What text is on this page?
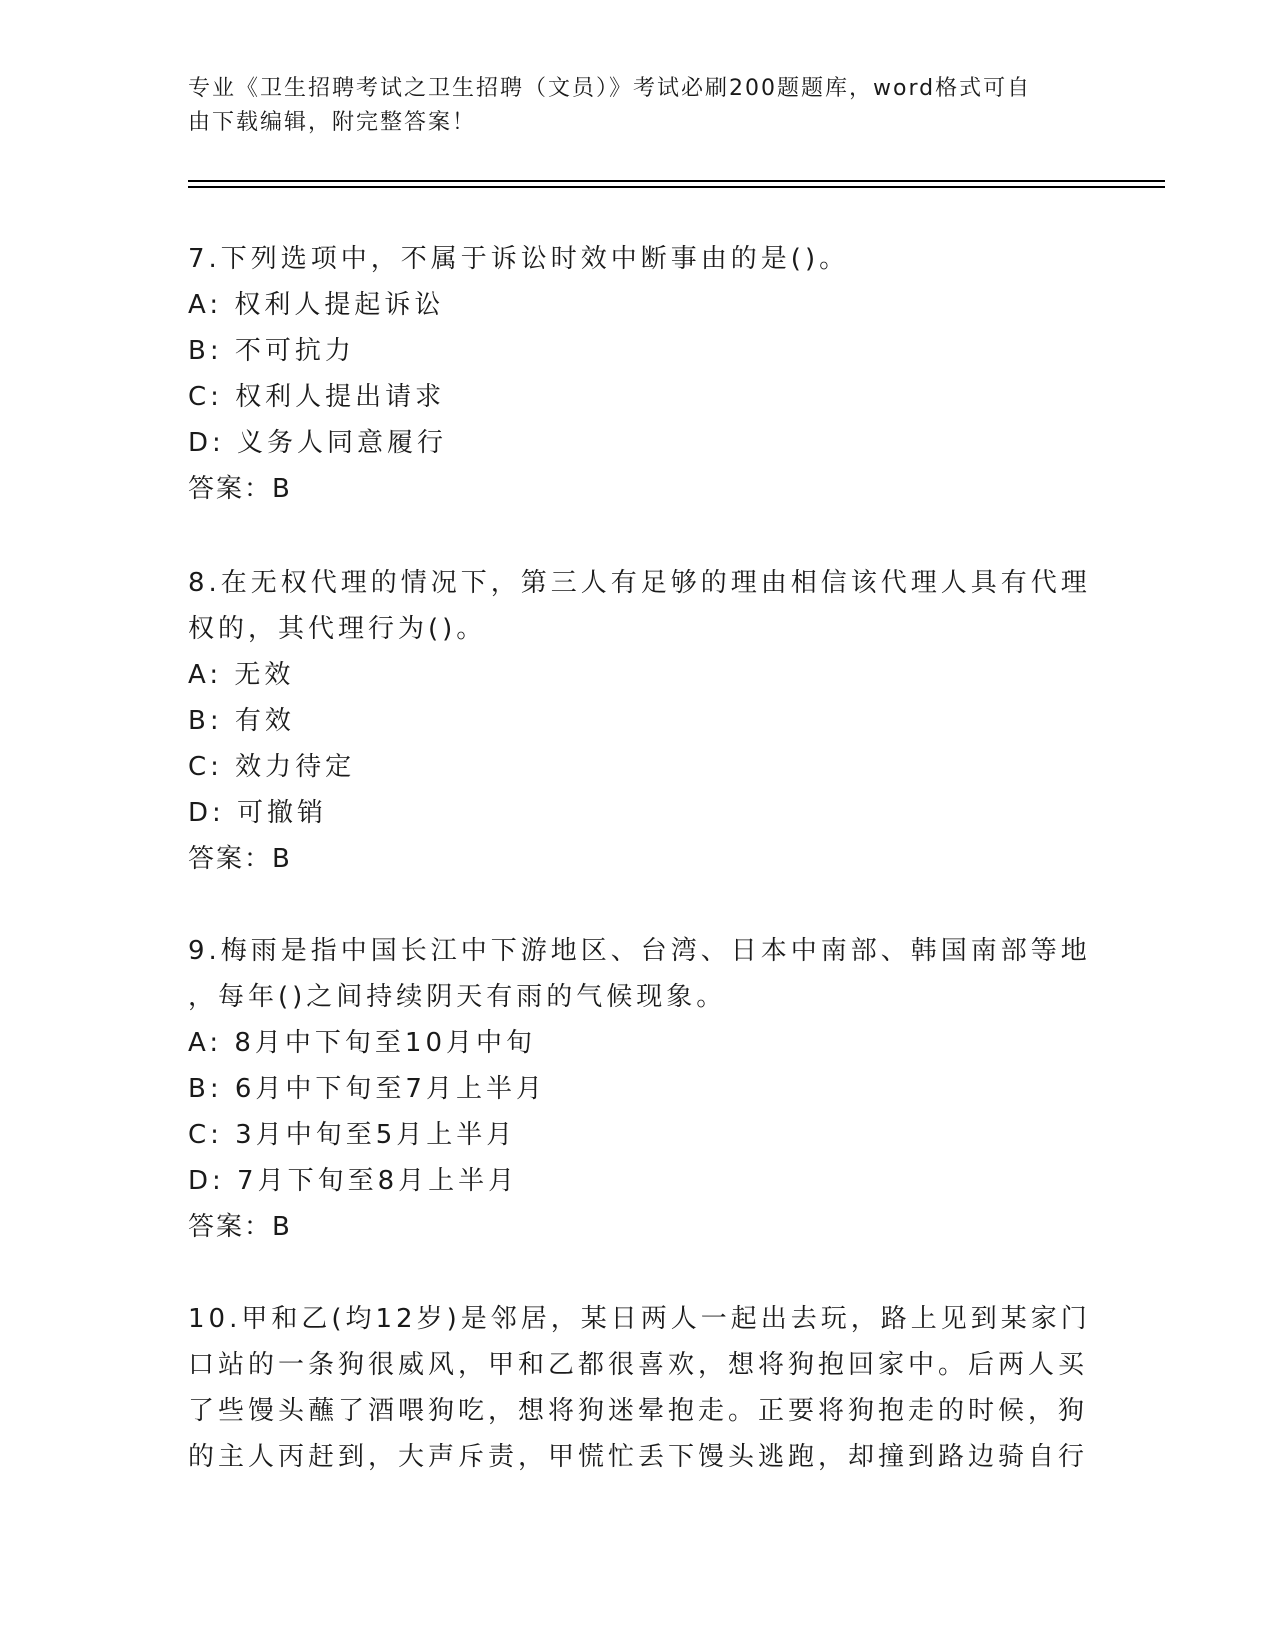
专业《卫生招聘考试之卫生招聘（文员）》考试必刷200题题库，word格式可自
由下载编辑，附完整答案！
7.下列选项中，不属于诉讼时效中断事由的是()。
A: 权利人提起诉讼
B: 不可抗力
C: 权利人提出请求
D: 义务人同意履行
答案：B
8.在无权代理的情况下，第三人有足够的理由相信该代理人具有代理
权的，其代理行为()。
A: 无效
B: 有效
C: 效力待定
D: 可撤销
答案：B
9.梅雨是指中国长江中下游地区、台湾、日本中南部、韩国南部等地
，每年()之间持续阴天有雨的气候现象。
A: 8月中下旬至10月中旬
B: 6月中下旬至7月上半月
C: 3月中旬至5月上半月
D: 7月下旬至8月上半月
答案：B
10.甲和乙(均12岁)是邻居，某日两人一起出去玩，路上见到某家门
口站的一条狗很威风，甲和乙都很喜欢，想将狗抱回家中。后两人买
了些馒头蘸了酒喂狗吃，想将狗迷晕抱走。正要将狗抱走的时候，狗
的主人丙赶到，大声斥责，甲慌忙丢下馒头逃跑，却撞到路边骑自行
